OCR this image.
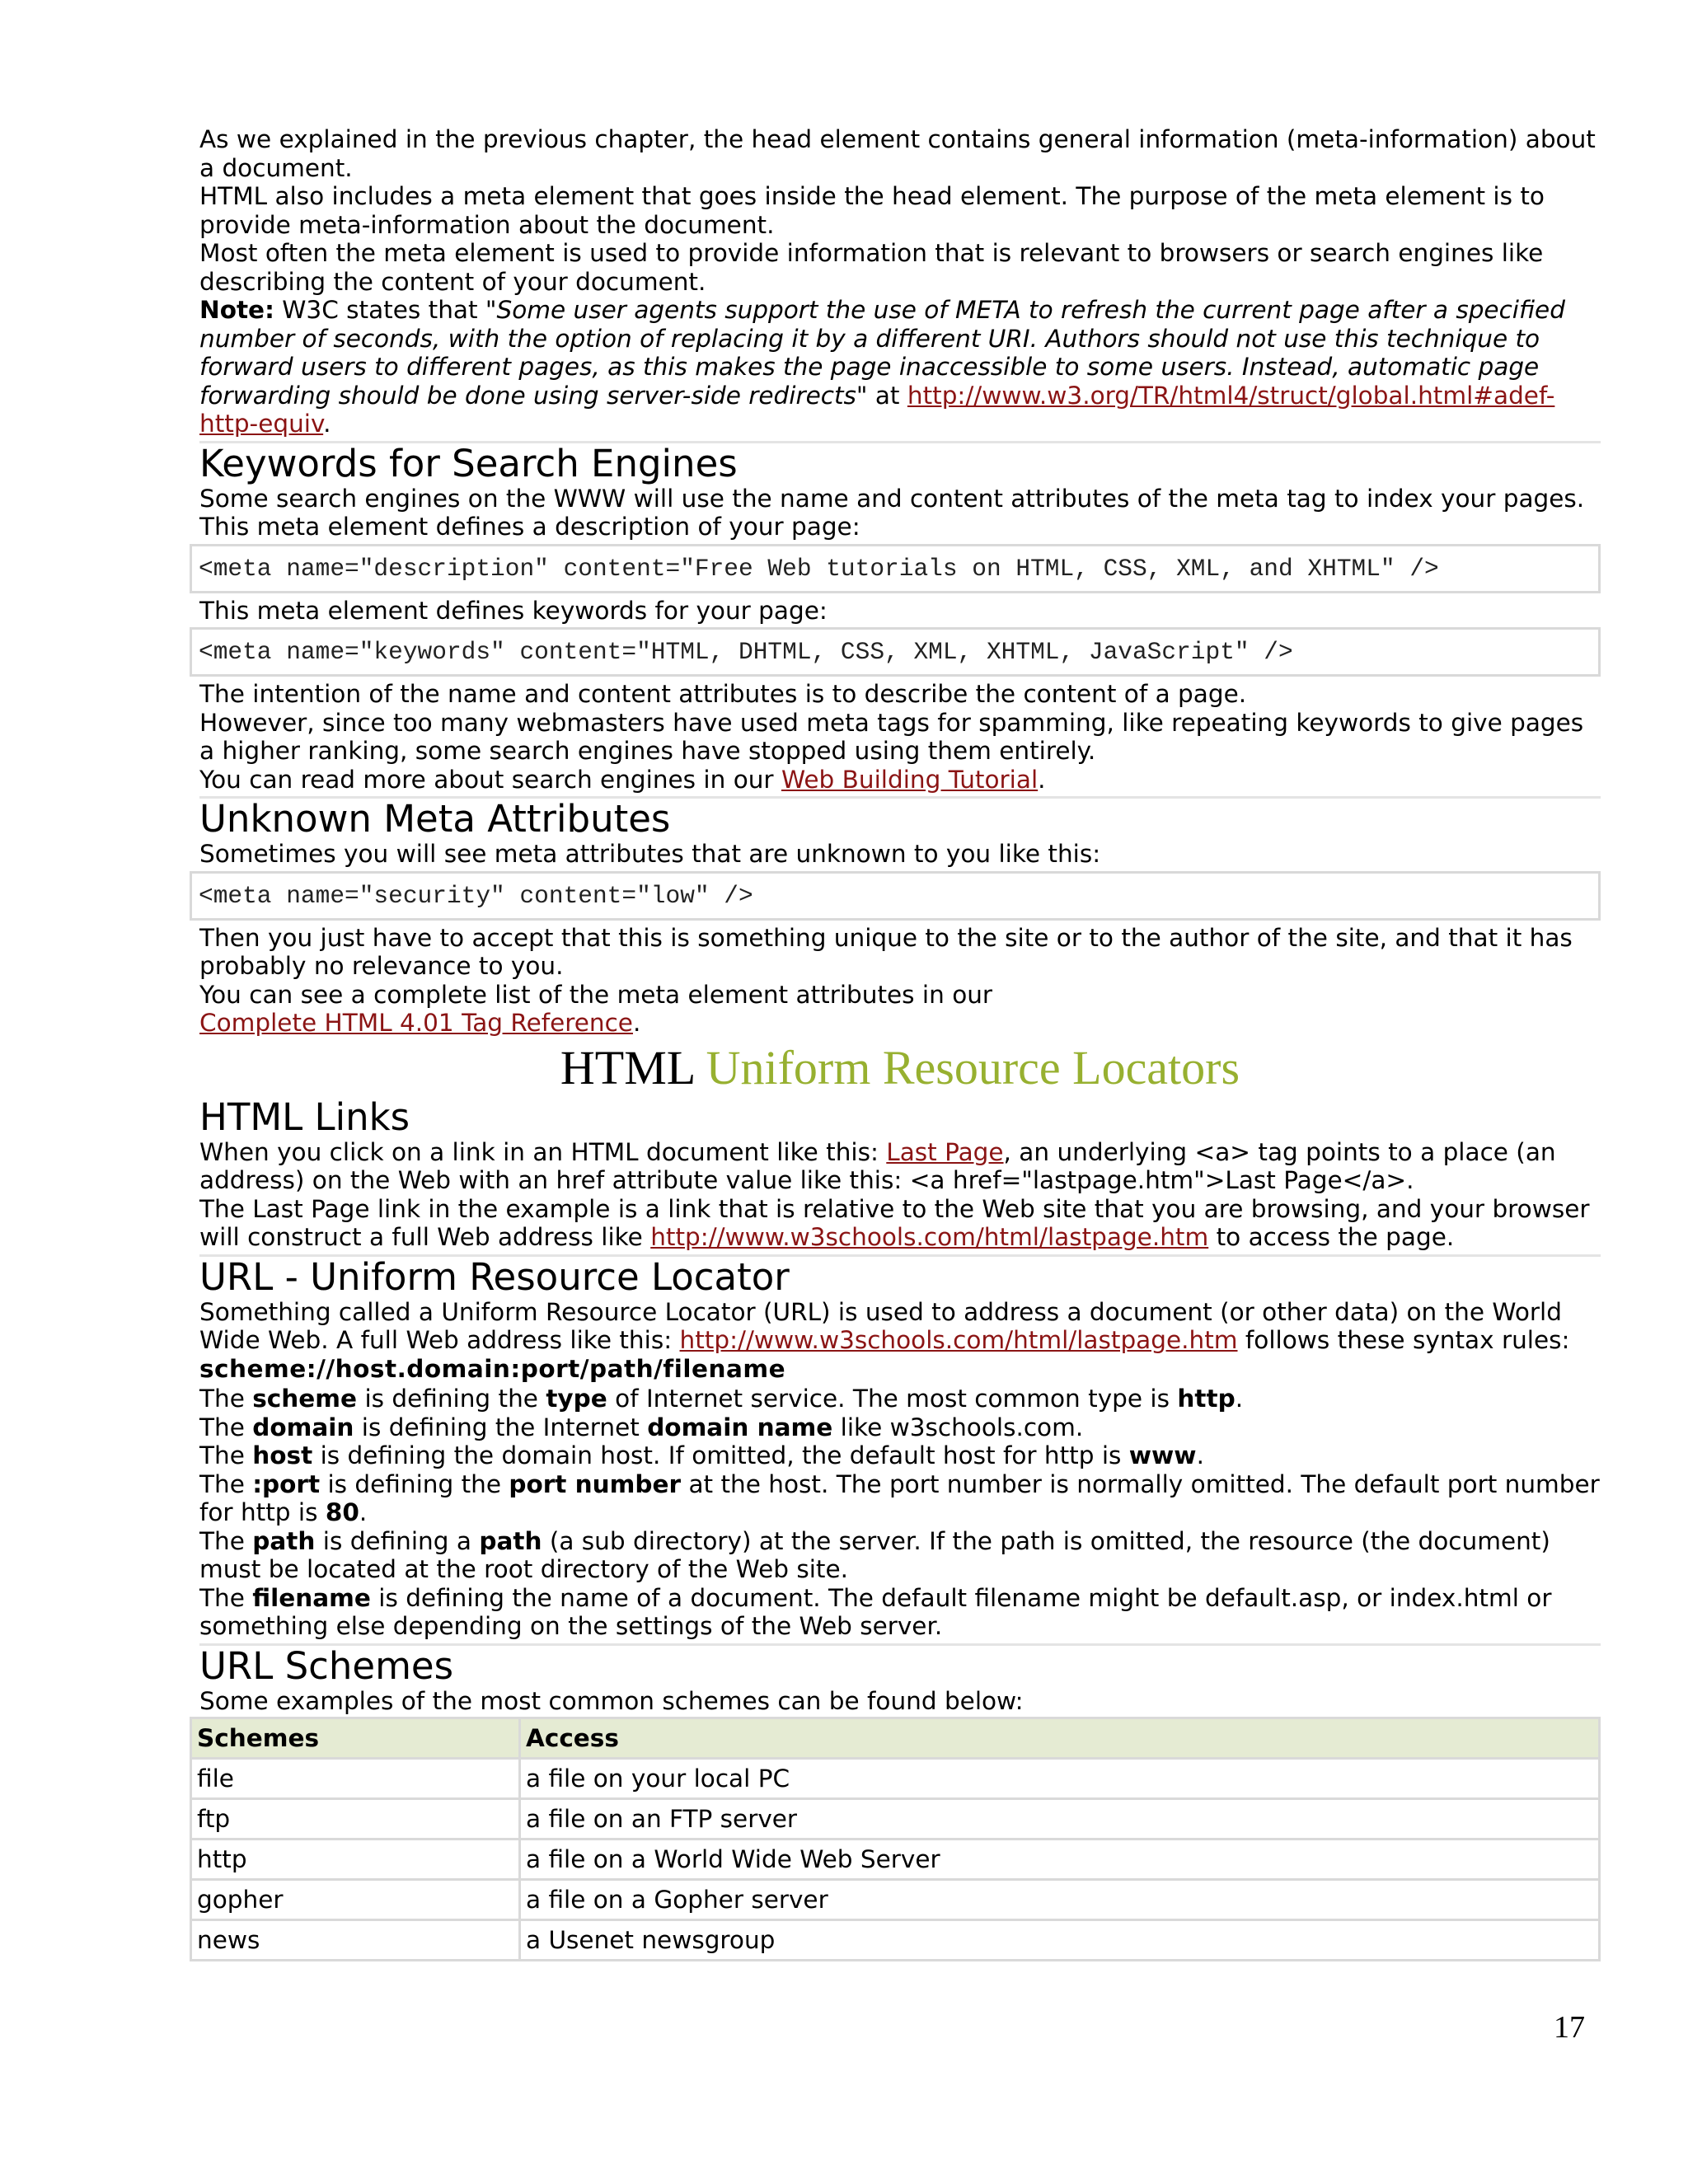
As we explained in the previous chapter, the head element contains general information (meta-information) about a document.

HTML also includes a meta element that goes inside the head element. The purpose of the meta element is to provide meta-information about the document.

Most often the meta element is used to provide information that is relevant to browsers or search engines like describing the content of your document.

Note: W3C states that "Some user agents support the use of META to refresh the current page after a specified number of seconds, with the option of replacing it by a different URI. Authors should not use this technique to forward users to different pages, as this makes the page inaccessible to some users. Instead, automatic page forwarding should be done using server-side redirects" at http://www.w3.org/TR/html4/struct/global.html#adef-http-equiv.

Keywords for Search Engines

Some search engines on the WWW will use the name and content attributes of the meta tag to index your pages.

This meta element defines a description of your page:

<meta name="description" content="Free Web tutorials on HTML, CSS, XML, and XHTML" />

This meta element defines keywords for your page:

<meta name="keywords" content="HTML, DHTML, CSS, XML, XHTML, JavaScript" />

The intention of the name and content attributes is to describe the content of a page.

However, since too many webmasters have used meta tags for spamming, like repeating keywords to give pages a higher ranking, some search engines have stopped using them entirely.

You can read more about search engines in our Web Building Tutorial.

Unknown Meta Attributes

Sometimes you will see meta attributes that are unknown to you like this:

<meta name="security" content="low" />

Then you just have to accept that this is something unique to the site or to the author of the site, and that it has probably no relevance to you.

You can see a complete list of the meta element attributes in our

Complete HTML 4.01 Tag Reference.

HTML Uniform Resource Locators
HTML Links

When you click on a link in an HTML document like this: Last Page, an underlying <a> tag points to a place (an address) on the Web with an href attribute value like this: <a href="lastpage.htm">Last Page</a>.

The Last Page link in the example is a link that is relative to the Web site that you are browsing, and your browser will construct a full Web address like http://www.w3schools.com/html/lastpage.htm to access the page.

URL - Uniform Resource Locator

Something called a Uniform Resource Locator (URL) is used to address a document (or other data) on the World Wide Web. A full Web address like this: http://www.w3schools.com/html/lastpage.htm follows these syntax rules:

scheme://host.domain:port/path/filename

The scheme is defining the type of Internet service. The most common type is http.

The domain is defining the Internet domain name like w3schools.com.

The host is defining the domain host. If omitted, the default host for http is www.

The :port is defining the port number at the host. The port number is normally omitted. The default port number for http is 80.

The path is defining a path (a sub directory) at the server. If the path is omitted, the resource (the document) must be located at the root directory of the Web site.

The filename is defining the name of a document. The default filename might be default.asp, or index.html or something else depending on the settings of the Web server.

URL Schemes

Some examples of the most common schemes can be found below:

Schemes	Access
file	a file on your local PC
ftp	a file on an FTP server
http	a file on a World Wide Web Server
gopher	a file on a Gopher server
news	a Usenet newsgroup
17
